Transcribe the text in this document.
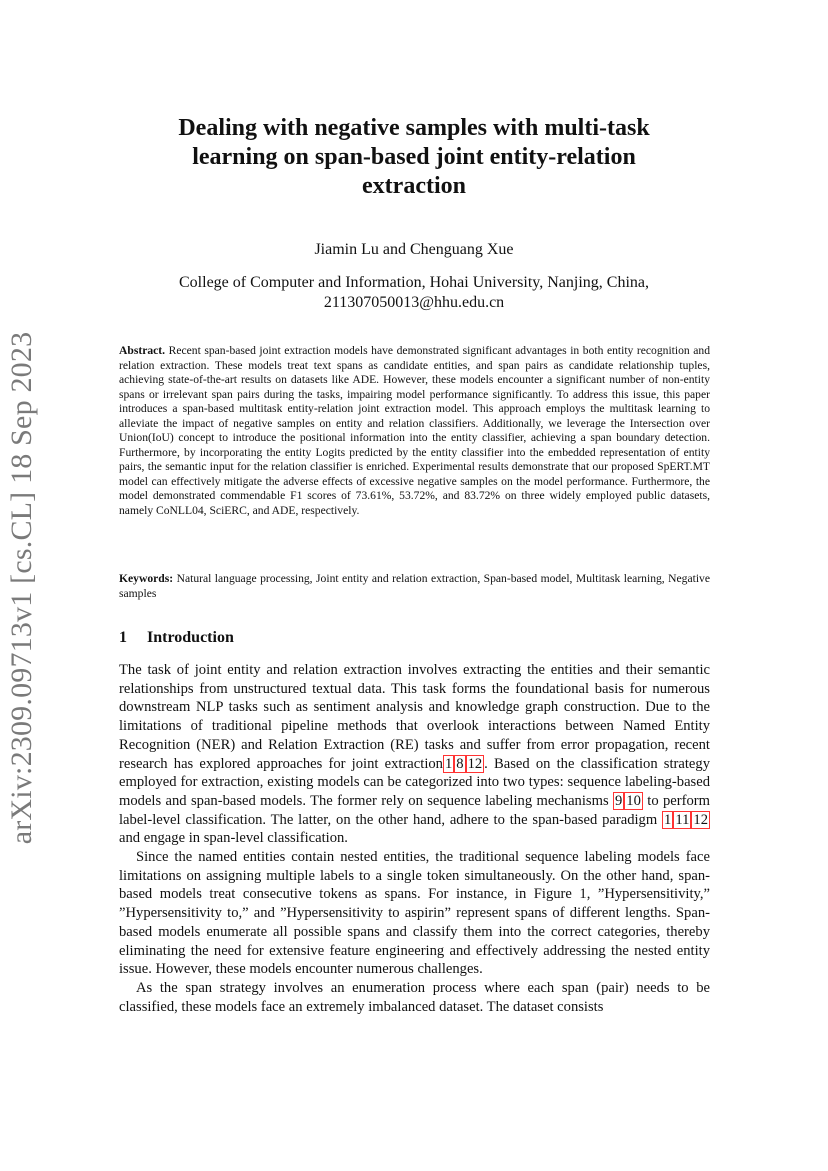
arXiv:2309.09713v1 [cs.CL] 18 Sep 2023
Dealing with negative samples with multi-task
learning on span-based joint entity-relation
extraction
Jiamin Lu and Chenguang Xue
College of Computer and Information, Hohai University, Nanjing, China,
211307050013@hhu.edu.cn

Abstract. Recent span-based joint extraction models have demonstrated significant advantages in both entity recognition and relation extraction. These models treat text spans as candidate entities, and span pairs as candidate relationship tuples, achieving state-of-the-art results on datasets like ADE. However, these models encounter a significant number of non-entity spans or irrelevant span pairs during the tasks, impairing model performance significantly. To address this issue, this paper introduces a span-based multitask entity-relation joint extraction model. This approach employs the multitask learning to alleviate the impact of negative samples on entity and relation classifiers. Additionally, we leverage the Intersection over Union(IoU) concept to introduce the positional information into the entity classifier, achieving a span boundary detection. Furthermore, by incorporating the entity Logits predicted by the entity classifier into the embedded representation of entity pairs, the semantic input for the relation classifier is enriched. Experimental results demonstrate that our proposed SpERT.MT model can effectively mitigate the adverse effects of excessive negative samples on the model performance. Furthermore, the model demonstrated commendable F1 scores of 73.61%, 53.72%, and 83.72% on three widely employed public datasets, namely CoNLL04, SciERC, and ADE, respectively.

Keywords: Natural language processing, Joint entity and relation extraction, Span-based model, Multitask learning, Negative samples
1 Introduction

The task of joint entity and relation extraction involves extracting the entities and their semantic relationships from unstructured textual data. This task forms the foundational basis for numerous downstream NLP tasks such as sentiment analysis and knowledge graph construction. Due to the limitations of traditional pipeline methods that overlook interactions between Named Entity Recognition (NER) and Relation Extraction (RE) tasks and suffer from error propagation, recent research has explored approaches for joint extraction 1 8 12 . Based on the classification strategy employed for extraction, existing models can be categorized into two types: sequence labeling-based models and span-based models. The former rely on sequence labeling mechanisms 9 10 to perform label-level classification. The latter, on the other hand, adhere to the span-based paradigm 1 11 12 and engage in span-level classification.

Since the named entities contain nested entities, the traditional sequence labeling models face limitations on assigning multiple labels to a single token simultaneously. On the other hand, span-based models treat consecutive tokens as spans. For instance, in Figure 1, ”Hypersensitivity,” ”Hypersensitivity to,” and ”Hypersensitivity to aspirin” represent spans of different lengths. Span-based models enumerate all possible spans and classify them into the correct categories, thereby eliminating the need for extensive feature engineering and effectively addressing the nested entity issue. However, these models encounter numerous challenges.

As the span strategy involves an enumeration process where each span (pair) needs to be classified, these models face an extremely imbalanced dataset. The dataset consists
